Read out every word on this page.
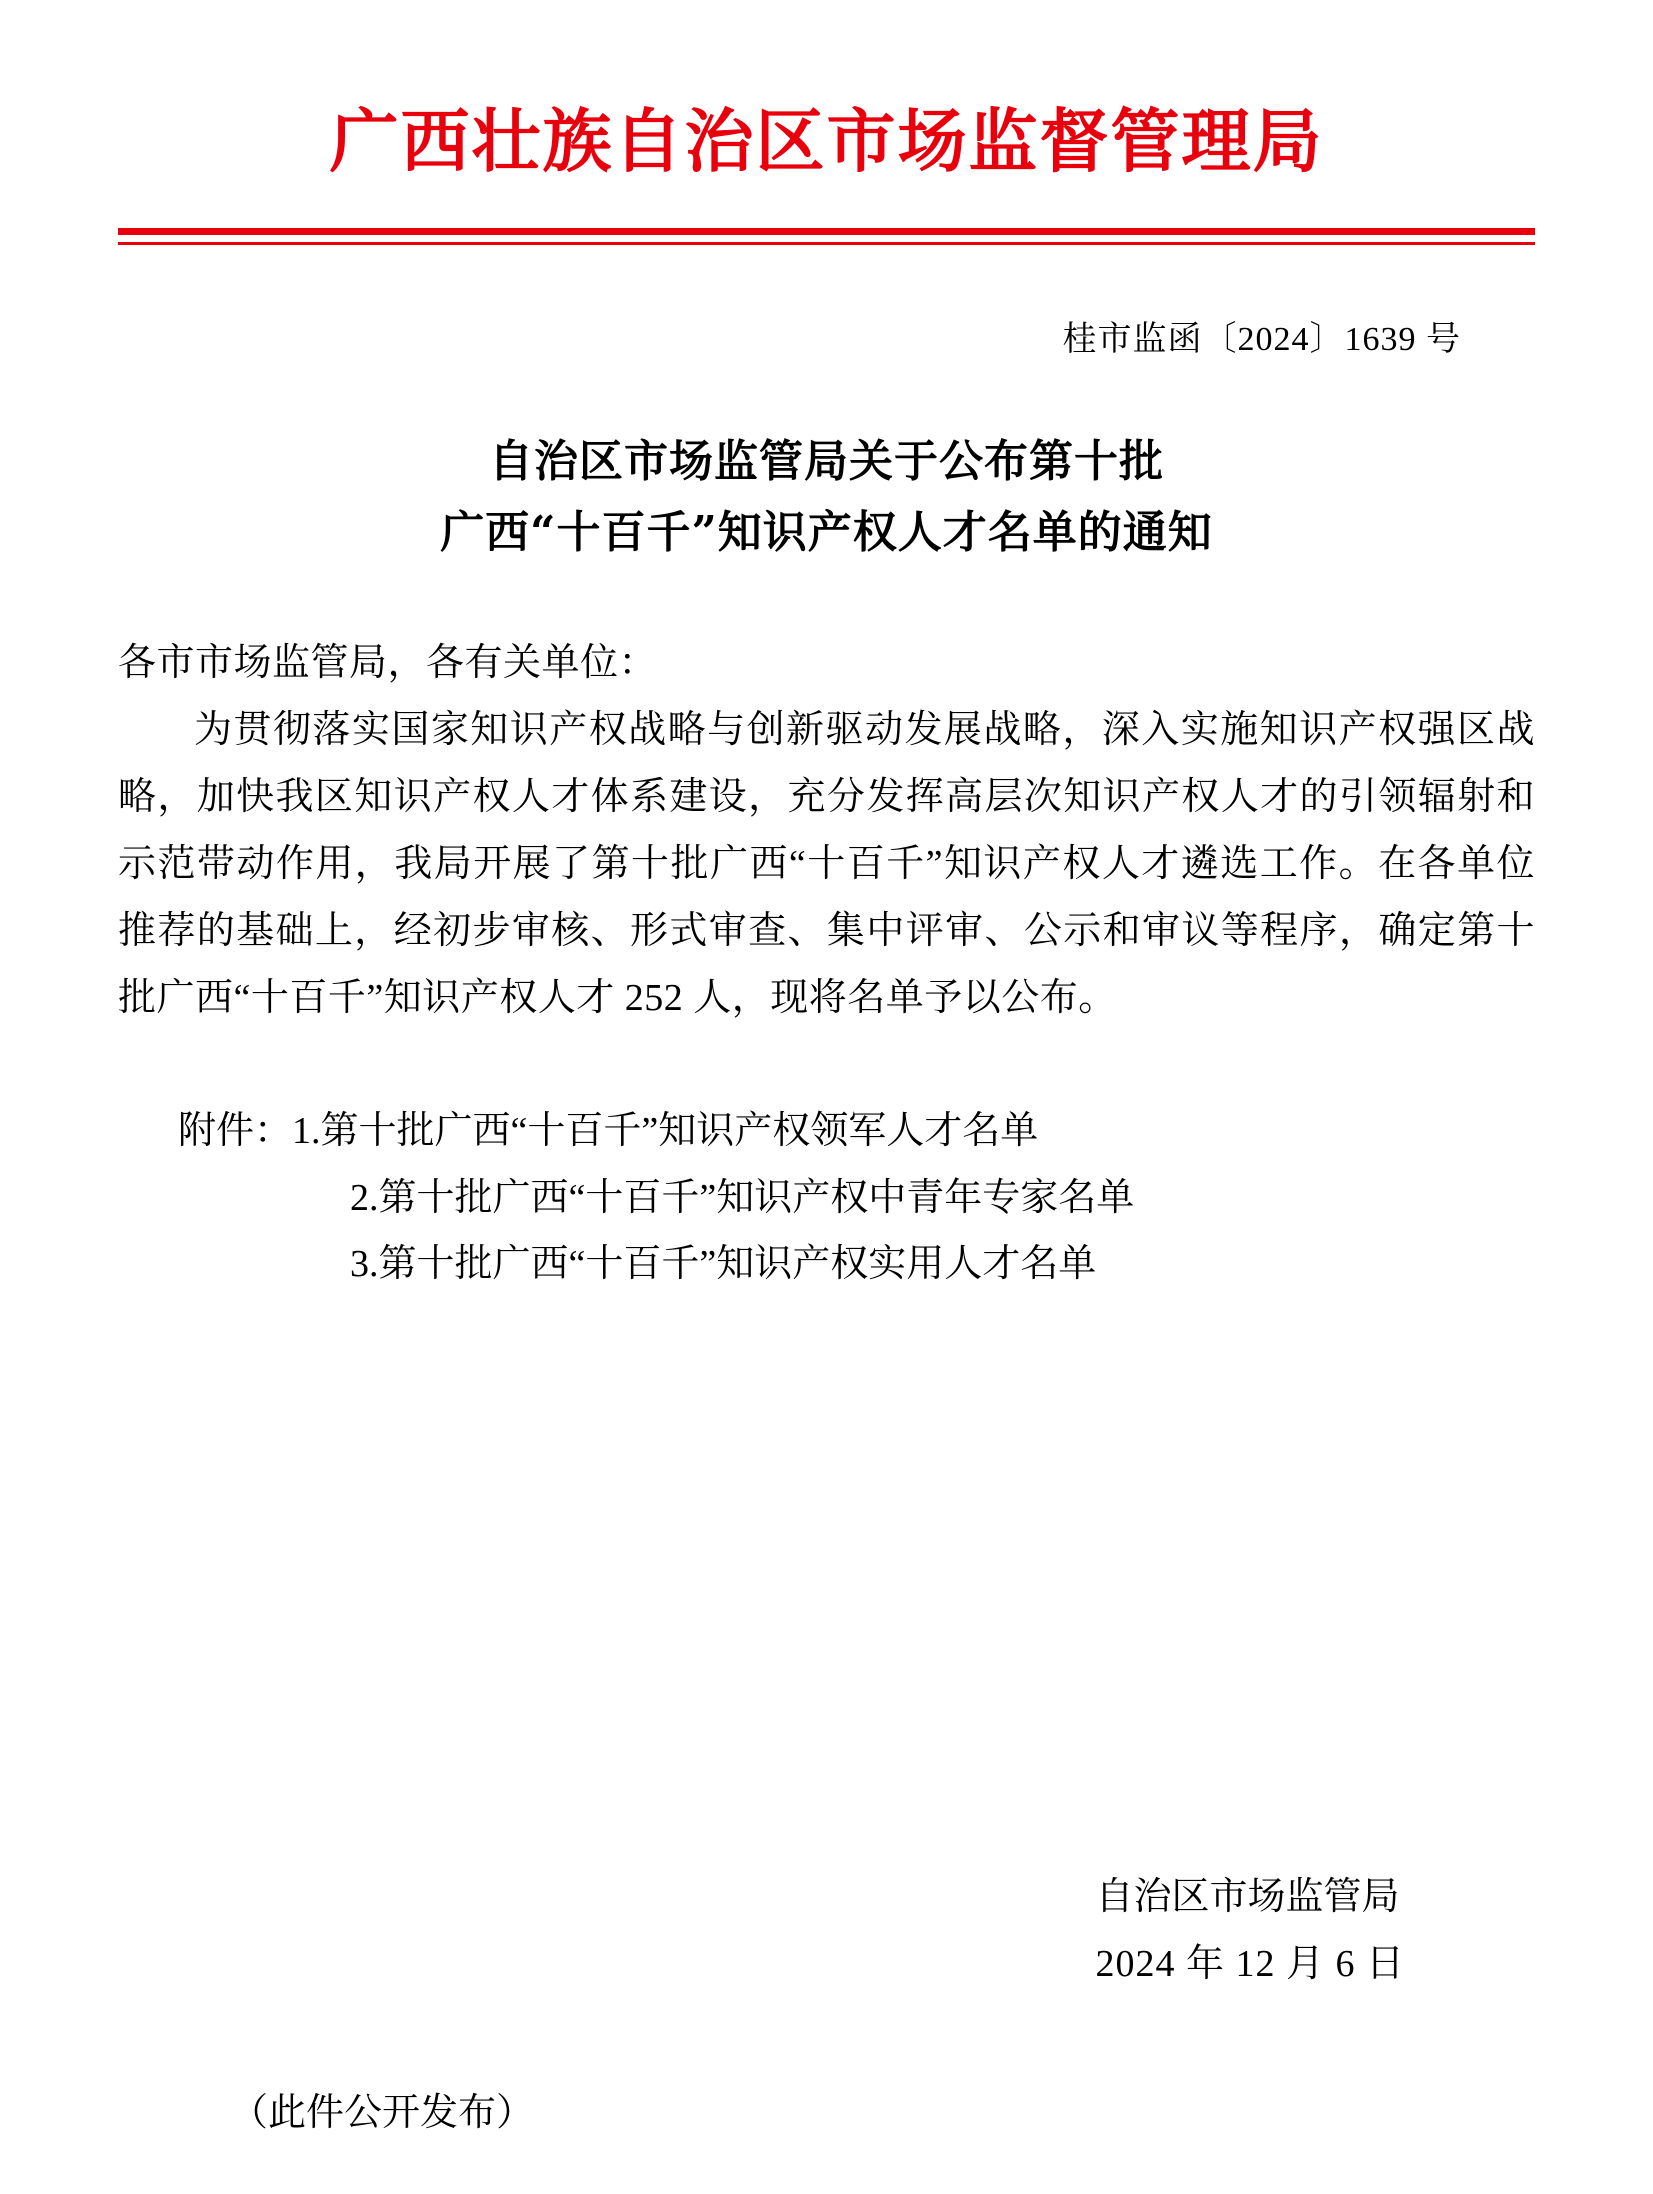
广西壮族自治区市场监督管理局
桂市监函〔2024〕1639 号
自治区市场监管局关于公布第十批
广西“十百千”知识产权人才名单的通知

各市市场监管局，各有关单位：

为贯彻落实国家知识产权战略与创新驱动发展战略，深入实施知识产权强区战略，加快我区知识产权人才体系建设，充分发挥高层次知识产权人才的引领辐射和示范带动作用，我局开展了第十批广西“十百千”知识产权人才遴选工作。在各单位推荐的基础上，经初步审核、形式审查、集中评审、公示和审议等程序，确定第十批广西“十百千”知识产权人才 252 人，现将名单予以公布。

附件：1.第十批广西“十百千”知识产权领军人才名单

2.第十批广西“十百千”知识产权中青年专家名单

3.第十批广西“十百千”知识产权实用人才名单

自治区市场监管局

2024 年 12 月 6 日

（此件公开发布）
